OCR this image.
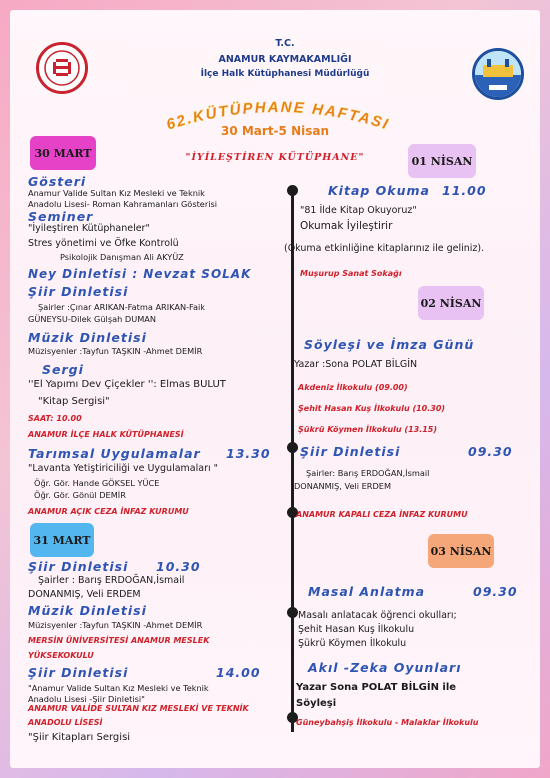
T.C.
ANAMUR KAYMAKAMLIĞI
İlçe Halk Kütüphanesi Müdürlüğü
62.KÜTÜPHANE HAFTASI
30 Mart-5 Nisan
"İYİLEŞTİREN KÜTÜPHANE"
30 MART
Gösteri
Anamur Valide Sultan Kız Mesleki ve Teknik
Anadolu Lisesi- Roman Kahramanları Gösterisi
Seminer
"İyileştiren Kütüphaneler"
Stres yönetimi ve Öfke Kontrolü
Psikolojik Danışman Ali AKYÜZ
Ney Dinletisi : Nevzat SOLAK
Şiir Dinletisi
Şairler :Çınar ARIKAN-Fatma ARIKAN-Faik
GÜNEYSU-Dilek Gülşah DUMAN
Müzik Dinletisi
Müzisyenler :Tayfun TAŞKIN -Ahmet DEMİR
Sergi
''El Yapımı Dev Çiçekler '': Elmas BULUT
"Kitap Sergisi"
SAAT: 10.00
ANAMUR İLÇE HALK KÜTÜPHANESİ
Tarımsal Uygulamalar 13.30
"Lavanta Yetiştiriciliği ve Uygulamaları "
Öğr. Gör. Hande GÖKSEL YÜCE
Öğr. Gör. Gönül DEMİR
ANAMUR AÇIK CEZA İNFAZ KURUMU
31 MART
Şiir Dinletisi 10.30
Şairler : Barış ERDOĞAN,İsmail
DONANMIŞ, Veli ERDEM
Müzik Dinletisi
Müzisyenler :Tayfun TAŞKIN -Ahmet DEMİR
MERSİN ÜNİVERSİTESİ ANAMUR MESLEK
YÜKSEKOKULU
Şiir Dinletisi	14.00
"Anamur Valide Sultan Kız Mesleki ve Teknik
Anadolu Lisesi -Şiir Dinletisi"
ANAMUR VALİDE SULTAN KIZ MESLEKİ VE TEKNİK
ANADOLU LİSESİ
"Şiir Kitapları Sergisi
01 NİSAN
Kitap Okuma 11.00
"81 İlde Kitap Okuyoruz"
Okumak İyileştirir
(Okuma etkinliğine kitaplarınız ile geliniz).
Muşurup Sanat Sokağı
02 NİSAN
Söyleşi ve İmza Günü
Yazar :Sona POLAT BİLGİN
Akdeniz İlkokulu (09.00)
Şehit Hasan Kuş İlkokulu (10.30)
Şükrü Köymen İlkokulu (13.15)
Şiir Dinletisi	09.30
Şairler: Barış ERDOĞAN,İsmail
DONANMIŞ, Veli ERDEM
ANAMUR KAPALI CEZA İNFAZ KURUMU
03 NİSAN
Masal Anlatma	09.30
Masalı anlatacak öğrenci okulları;
Şehit Hasan Kuş İlkokulu
Şükrü Köymen İlkokulu
Akıl -Zeka Oyunları
Yazar Sona POLAT BİLGİN ile
Söyleşi
Güneybahşiş İlkokulu - Malaklar İlkokulu
